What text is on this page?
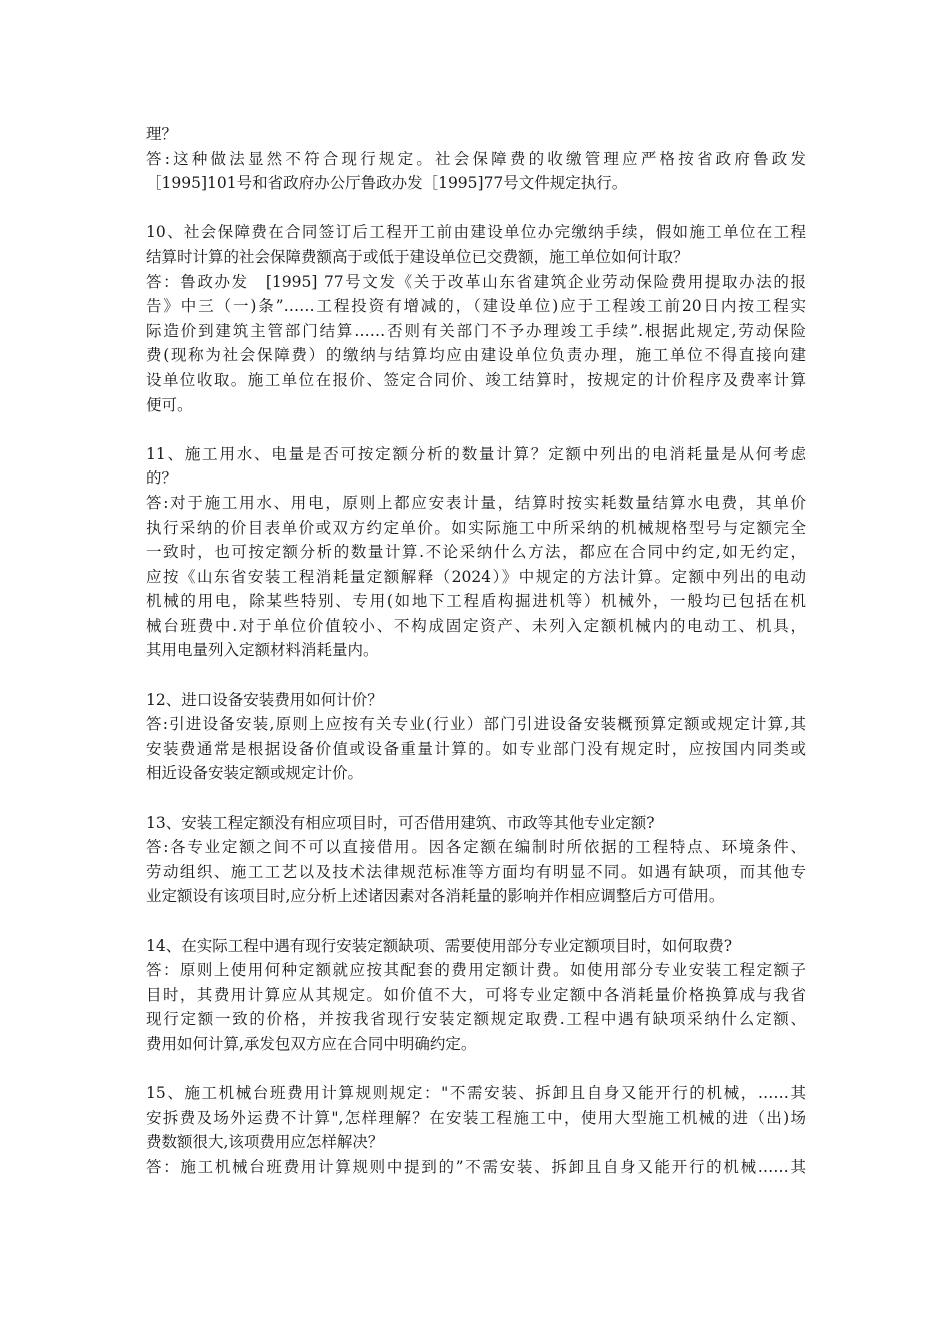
理？
答:这种做法显然不符合现行规定。社会保障费的收缴管理应严格按省政府鲁政发
［1995]101号和省政府办公厅鲁政办发［1995]77号文件规定执行。
10、社会保障费在合同签订后工程开工前由建设单位办完缴纳手续，假如施工单位在工程
结算时计算的社会保障费额高于或低于建设单位已交费额，施工单位如何计取？
答：鲁政办发　[1995] 77号文发《关于改革山东省建筑企业劳动保险费用提取办法的报
告》中三（一)条”……工程投资有增减的，（建设单位)应于工程竣工前20日内按工程实
际造价到建筑主管部门结算……否则有关部门不予办理竣工手续”.根据此规定,劳动保险
费(现称为社会保障费）的缴纳与结算均应由建设单位负责办理，施工单位不得直接向建
设单位收取。施工单位在报价、签定合同价、竣工结算时，按规定的计价程序及费率计算
便可。
11、施工用水、电量是否可按定额分析的数量计算？定额中列出的电消耗量是从何考虑
的？
答:对于施工用水、用电，原则上都应安表计量，结算时按实耗数量结算水电费，其单价
执行采纳的价目表单价或双方约定单价。如实际施工中所采纳的机械规格型号与定额完全
一致时，也可按定额分析的数量计算.不论采纳什么方法，都应在合同中约定,如无约定，
应按《山东省安装工程消耗量定额解释（2024）》中规定的方法计算。定额中列出的电动
机械的用电，除某些特别、专用(如地下工程盾构掘进机等）机械外，一般均已包括在机
械台班费中.对于单位价值较小、不构成固定资产、未列入定额机械内的电动工、机具，
其用电量列入定额材料消耗量内。
12、进口设备安装费用如何计价？
答:引进设备安装,原则上应按有关专业(行业）部门引进设备安装概预算定额或规定计算,其
安装费通常是根据设备价值或设备重量计算的。如专业部门没有规定时，应按国内同类或
相近设备安装定额或规定计价。
13、安装工程定额没有相应项目时，可否借用建筑、市政等其他专业定额?
答:各专业定额之间不可以直接借用。因各定额在编制时所依据的工程特点、环境条件、
劳动组织、施工工艺以及技术法律规范标准等方面均有明显不同。如遇有缺项，而其他专
业定额设有该项目时,应分析上述诸因素对各消耗量的影响并作相应调整后方可借用。
14、在实际工程中遇有现行安装定额缺项、需要使用部分专业定额项目时，如何取费?
答：原则上使用何种定额就应按其配套的费用定额计费。如使用部分专业安装工程定额子
目时，其费用计算应从其规定。如价值不大，可将专业定额中各消耗量价格换算成与我省
现行定额一致的价格，并按我省现行安装定额规定取费.工程中遇有缺项采纳什么定额、
费用如何计算,承发包双方应在合同中明确约定。
15、施工机械台班费用计算规则规定："不需安装、拆卸且自身又能开行的机械，……其
安拆费及场外运费不计算",怎样理解？在安装工程施工中，使用大型施工机械的进（出)场
费数额很大,该项费用应怎样解决？
答：施工机械台班费用计算规则中提到的”不需安装、拆卸且自身又能开行的机械……其
